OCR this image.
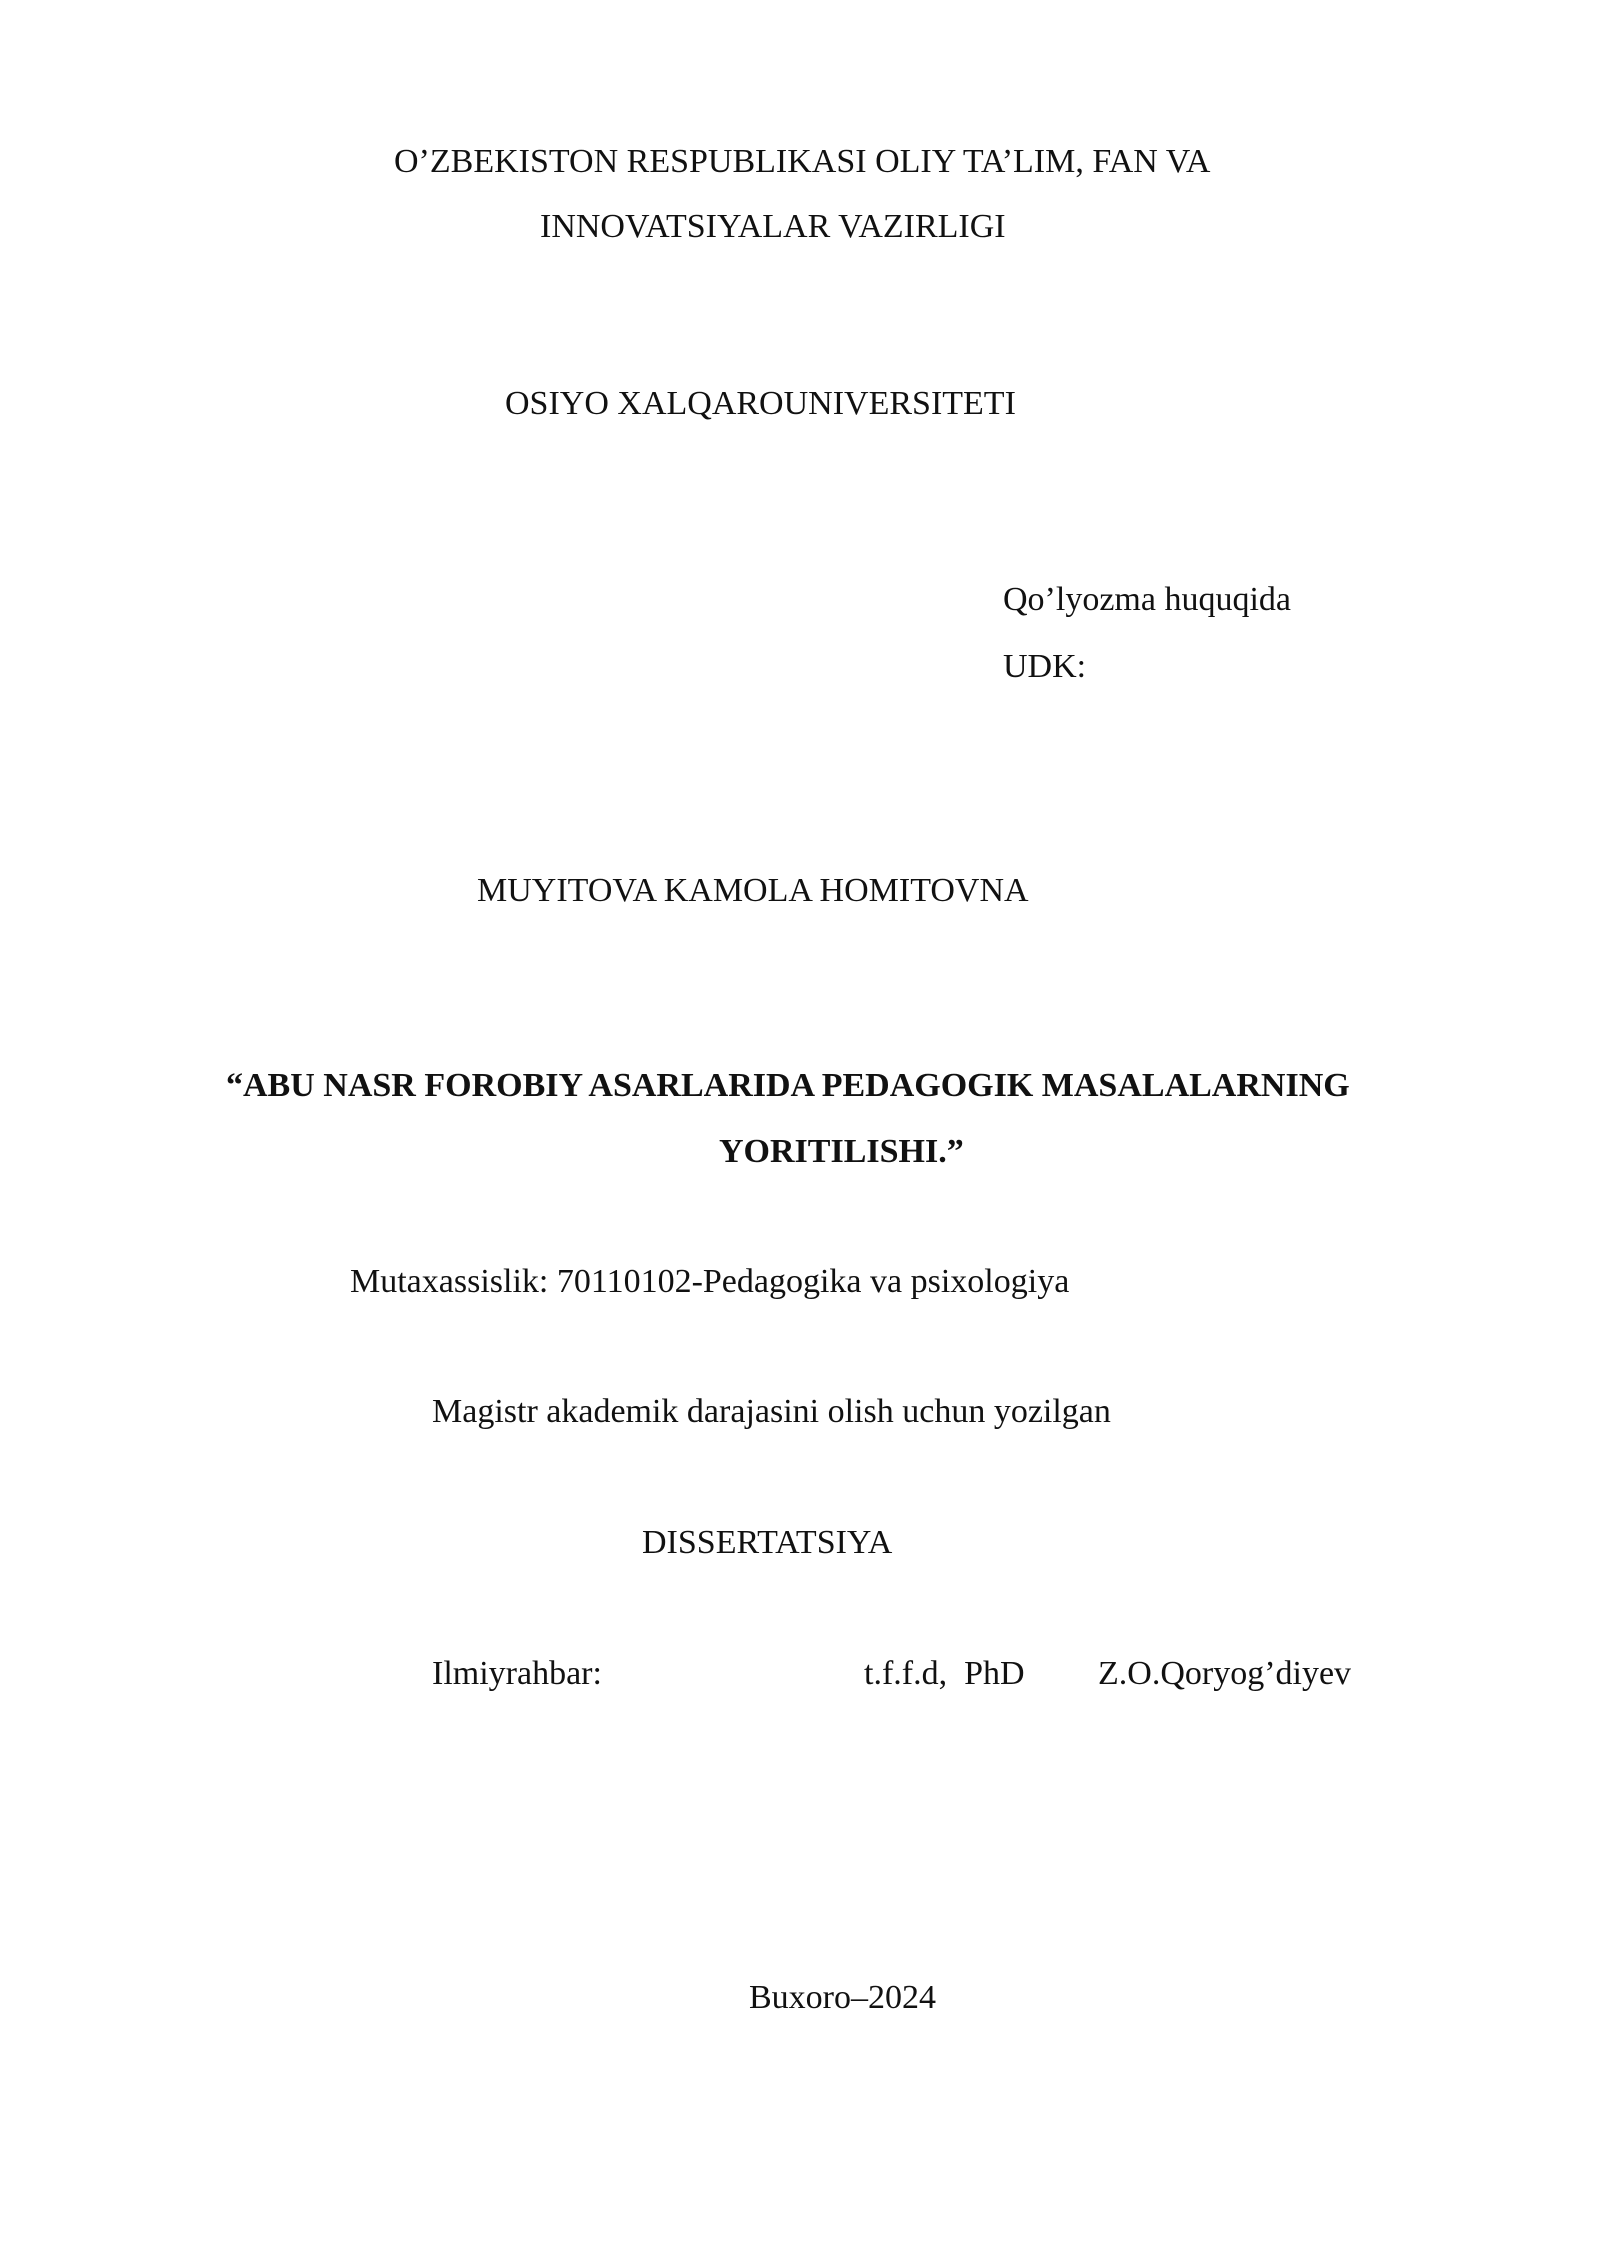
O’ZBEKISTON RESPUBLIKASI OLIY TA’LIM, FAN VA
INNOVATSIYALAR VAZIRLIGI
OSIYO XALQAROUNIVERSITETI
Qo’lyozma huquqida
UDK:
MUYITOVA KAMOLA HOMITOVNA
“ABU NASR FOROBIY ASARLARIDA PEDAGOGIK MASALALARNING
YORITILISHI.”
Mutaxassislik: 70110102-Pedagogika va psixologiya
Magistr akademik darajasini olish uchun yozilgan
DISSERTATSIYA
Ilmiyrahbar:	t.f.f.d,  PhD Z.O.Qoryog’diyev
Buxoro–2024
